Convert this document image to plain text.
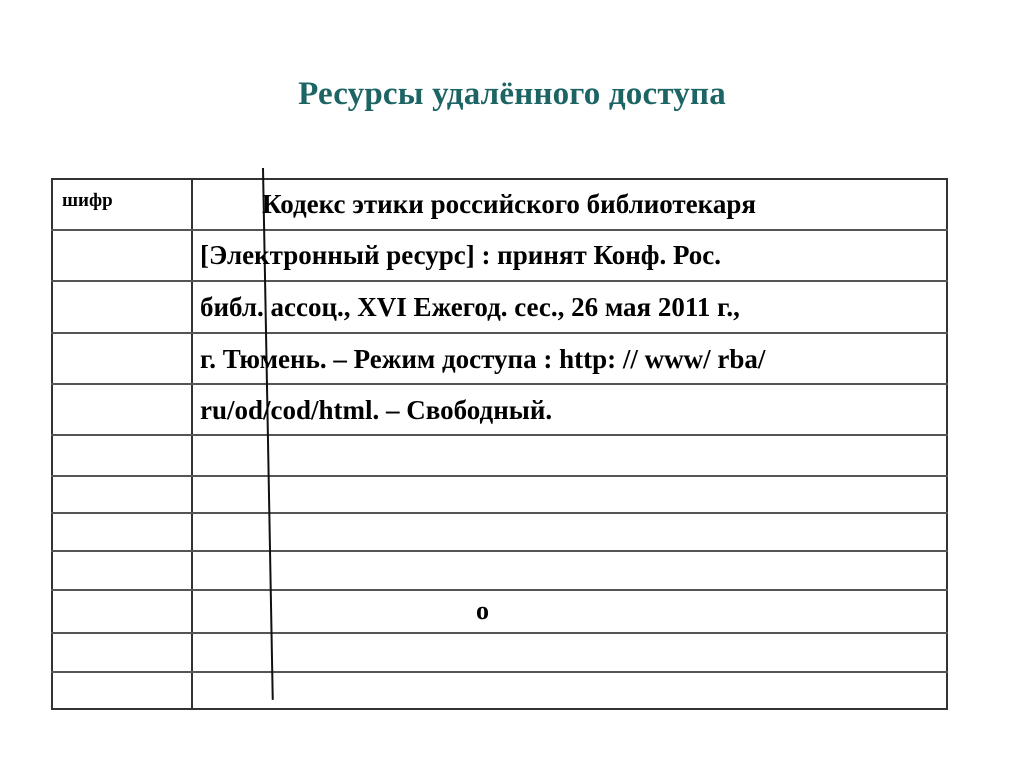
Ресурсы удалённого доступа
шифр	Кодекс этики российского библиотекаря
[Электронный ресурс] : принят Конф. Рос.
библ. ассоц., XVI Ежегод. сес., 26 мая 2011 г.,
г. Тюмень. – Режим доступа : http: // www/ rba/
ru/od/cod/html. – Свободный.
o
